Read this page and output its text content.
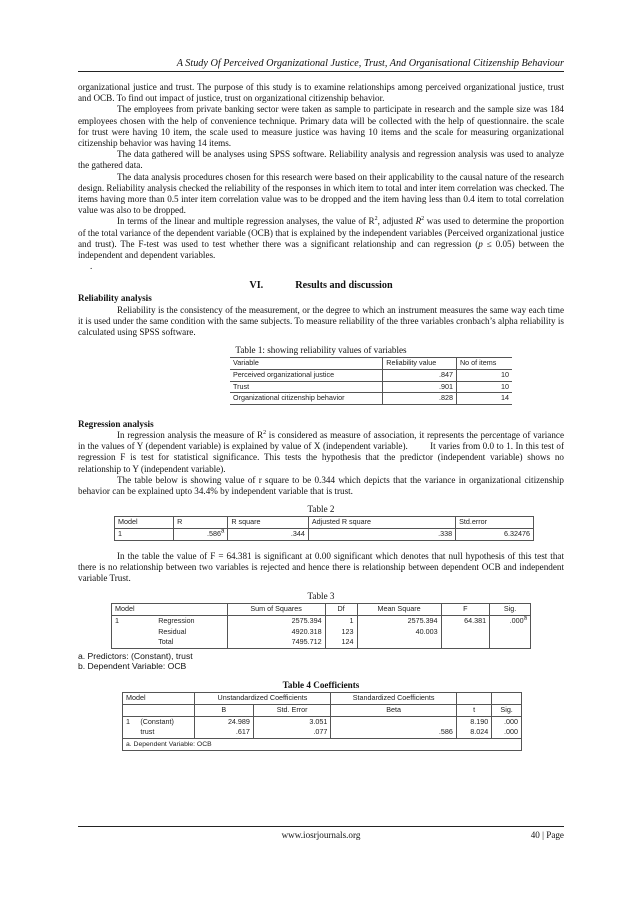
A Study Of Perceived Organizational Justice, Trust, And Organisational Citizenship Behaviour

organizational justice and trust. The purpose of this study is to examine relationships among perceived organizational justice, trust and OCB. To find out impact of justice, trust on organizational citizenship behavior.

The employees from private banking sector were taken as sample to participate in research and the sample size was 184 employees chosen with the help of convenience technique. Primary data will be collected with the help of questionnaire. the scale for trust were having 10 item, the scale used to measure justice was having 10 items and the scale for measuring organizational citizenship behavior was having 14 items.

The data gathered will be analyses using SPSS software. Reliability analysis and regression analysis was used to analyze the gathered data.

The data analysis procedures chosen for this research were based on their applicability to the causal nature of the research design. Reliability analysis checked the reliability of the responses in which item to total and inter item correlation was checked. The items having more than 0.5 inter item correlation value was to be dropped and the item having less than 0.4 item to total correlation value was also to be dropped.

In terms of the linear and multiple regression analyses, the value of $R^2$, adjusted $R^2$ was used to determine the proportion of the total variance of the dependent variable (OCB) that is explained by the independent variables (Perceived organizational justice and trust). The F-test was used to test whether there was a significant relationship and can regression (p ≤ 0.05) between the independent and dependent variables.

.
VI.	Results and discussion

Reliability analysis

Reliability is the consistency of the measurement, or the degree to which an instrument measures the same way each time it is used under the same condition with the same subjects. To measure reliability of the three variables cronbach’s alpha reliability is calculated using SPSS software.

Table 1: showing reliability values of variables
Variable	Reliability value	No of items
Perceived organizational justice	.847	10
Trust	.901	10
Organizational citizenship behavior	.828	14

Regression analysis

In regression analysis the measure of $R^2$ is considered as measure of association, it represents the percentage of variance in the values of Y (dependent variable) is explained by value of X (independent variable).         It varies from 0.0 to 1. In this test of regression F is test for statistical significance. This tests the hypothesis that the predictor (independent variable) shows no relationship to Y (independent variable).

The table below is showing value of r square to be 0.344 which depicts that the variance in organizational citizenship behavior can be explained upto 34.4% by independent variable that is trust.

Table 2
Model	R	R square	Adjusted R square	Std.error
1	.586$^a$	.344	.338	6.32476

In the table the value of F = 64.381 is significant at 0.00 significant which denotes that null hypothesis of this test that there is no relationship between two variables is rejected and hence there is relationship between dependent OCB and independent variable Trust.

Table 3
Model		Sum of Squares	Df	Mean Square	F	Sig.
1	Regression	2575.394	1	2575.394	64.381	.000$^a$
	Residual	4920.318	123	40.003		
	Total	7495.712	124			
a. Predictors: (Constant), trust
b. Dependent Variable: OCB
Table 4 Coefficients
Model		Unstandardized Coefficients		Standardized Coefficients		

		B	Std. Error	Beta	t	Sig.
1	(Constant)	24.989	3.051		8.190	.000
	trust	.617	.077	.586	8.024	.000
a. Dependent Variable: OCB						
www.iosrjournals.org	40 | Page
